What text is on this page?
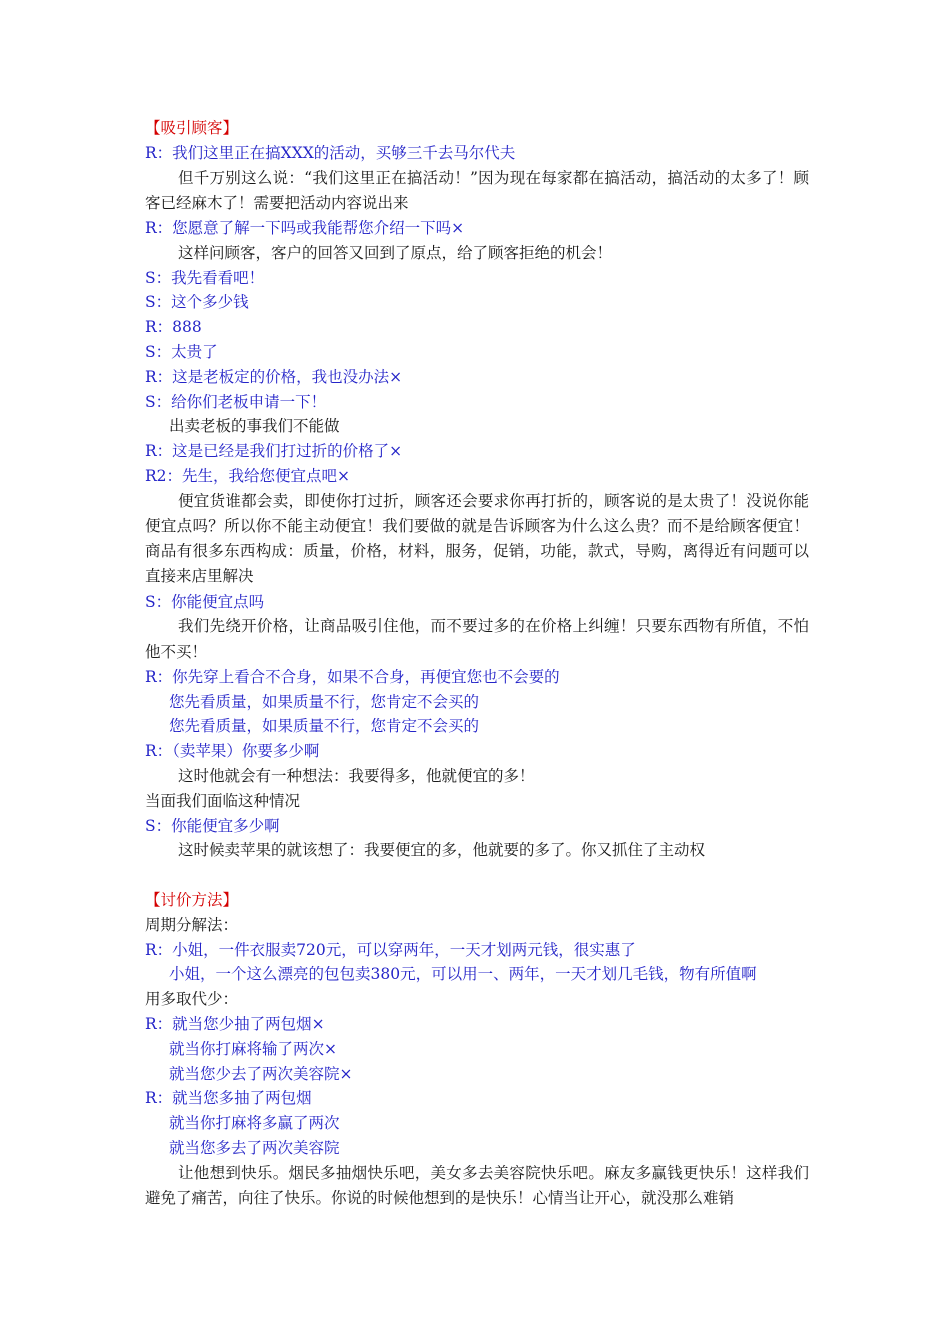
【吸引顾客】
R：我们这里正在搞XXX的活动，买够三千去马尔代夫
但千万别这么说：“我们这里正在搞活动！”因为现在每家都在搞活动，搞活动的太多了！顾客已经麻木了！需要把活动内容说出来
R：您愿意了解一下吗或我能帮您介绍一下吗×
这样问顾客，客户的回答又回到了原点，给了顾客拒绝的机会！
S：我先看看吧！
S：这个多少钱
R：888
S：太贵了
R：这是老板定的价格，我也没办法×
S：给你们老板申请一下！
出卖老板的事我们不能做
R：这是已经是我们打过折的价格了×
R2：先生，我给您便宜点吧×
便宜货谁都会卖，即使你打过折，顾客还会要求你再打折的，顾客说的是太贵了！没说你能便宜点吗？所以你不能主动便宜！我们要做的就是告诉顾客为什么这么贵？而不是给顾客便宜！商品有很多东西构成：质量，价格，材料，服务，促销，功能，款式，导购，离得近有问题可以直接来店里解决
S：你能便宜点吗
我们先绕开价格，让商品吸引住他，而不要过多的在价格上纠缠！只要东西物有所值，不怕他不买！
R：你先穿上看合不合身，如果不合身，再便宜您也不会要的
您先看质量，如果质量不行，您肯定不会买的
您先看质量，如果质量不行，您肯定不会买的
R：（卖苹果）你要多少啊
这时他就会有一种想法：我要得多，他就便宜的多！
当面我们面临这种情况
S：你能便宜多少啊
这时候卖苹果的就该想了：我要便宜的多，他就要的多了。你又抓住了主动权
【讨价方法】
周期分解法：
R：小姐，一件衣服卖720元，可以穿两年，一天才划两元钱，很实惠了
小姐，一个这么漂亮的包包卖380元，可以用一、两年，一天才划几毛钱，物有所值啊
用多取代少：
R：就当您少抽了两包烟×
就当你打麻将输了两次×
就当您少去了两次美容院×
R：就当您多抽了两包烟
就当你打麻将多赢了两次
就当您多去了两次美容院
让他想到快乐。烟民多抽烟快乐吧，美女多去美容院快乐吧。麻友多赢钱更快乐！这样我们避免了痛苦，向往了快乐。你说的时候他想到的是快乐！心情当让开心，就没那么难销
